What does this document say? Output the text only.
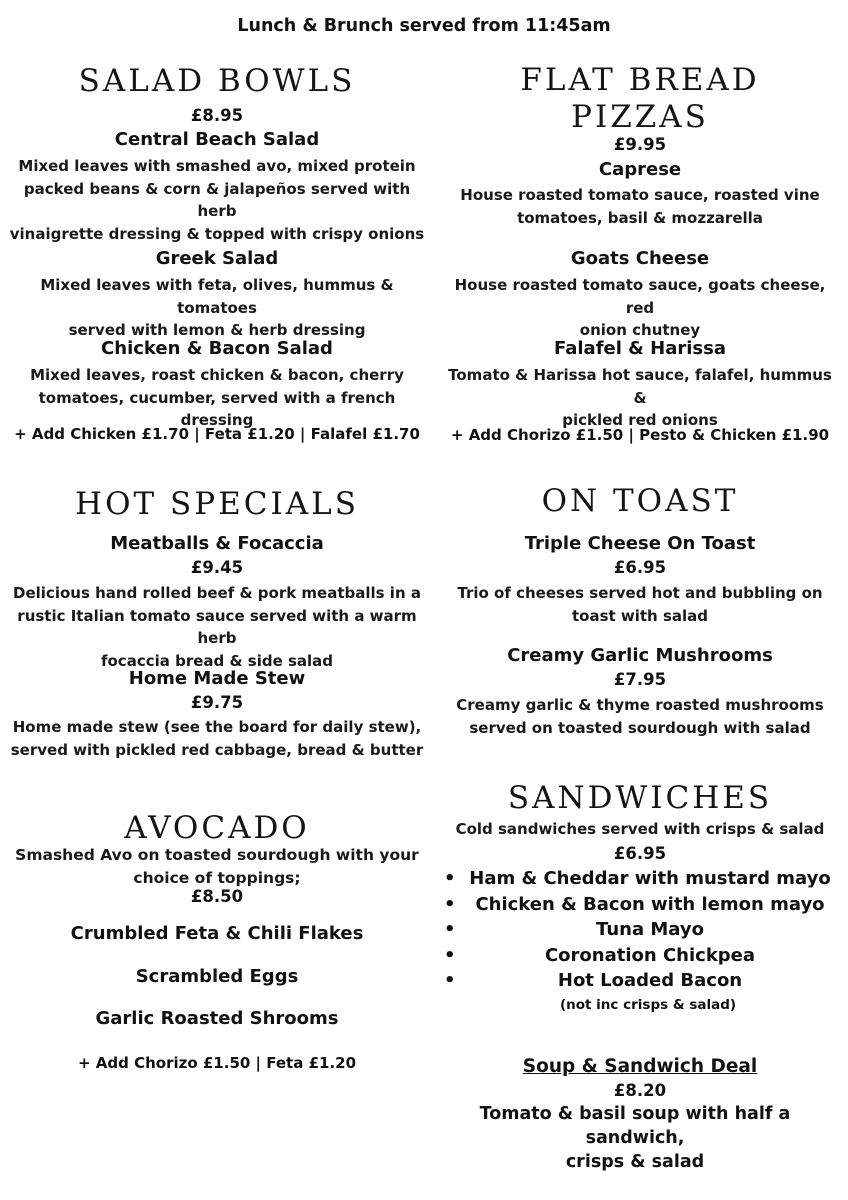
Lunch & Brunch served from 11:45am
SALAD BOWLS
£8.95
Central Beach Salad
Mixed leaves with smashed avo, mixed protein
packed beans & corn & jalapeños served with herb
vinaigrette dressing & topped with crispy onions
Greek Salad
Mixed leaves with feta, olives, hummus & tomatoes
served with lemon & herb dressing
Chicken & Bacon Salad
Mixed leaves, roast chicken & bacon, cherry
tomatoes, cucumber, served with a french dressing
+ Add Chicken £1.70 | Feta £1.20 | Falafel £1.70
FLAT BREAD
PIZZAS
£9.95
Caprese
House roasted tomato sauce, roasted vine
tomatoes, basil & mozzarella
Goats Cheese
House roasted tomato sauce, goats cheese, red
onion chutney
Falafel & Harissa
Tomato & Harissa hot sauce, falafel, hummus &
pickled red onions
+ Add Chorizo £1.50 | Pesto & Chicken £1.90
HOT SPECIALS
Meatballs & Focaccia
£9.45
Delicious hand rolled beef & pork meatballs in a
rustic Italian tomato sauce served with a warm herb
focaccia bread & side salad
Home Made Stew
£9.75
Home made stew (see the board for daily stew),
served with pickled red cabbage, bread & butter
ON TOAST
Triple Cheese On Toast
£6.95
Trio of cheeses served hot and bubbling on
toast with salad
Creamy Garlic Mushrooms
£7.95
Creamy garlic & thyme roasted mushrooms
served on toasted sourdough with salad
AVOCADO
Smashed Avo on toasted sourdough with your
choice of toppings;
£8.50
Crumbled Feta & Chili Flakes
Scrambled Eggs
Garlic Roasted Shrooms
+ Add Chorizo £1.50 | Feta £1.20
SANDWICHES
Cold sandwiches served with crisps & salad
£6.95
• Ham & Cheddar with mustard mayo
• Chicken & Bacon with lemon mayo
•	Tuna Mayo
•	Coronation Chickpea
•	Hot Loaded Bacon
(not inc crisps & salad)
Soup & Sandwich Deal
£8.20
Tomato & basil soup with half a sandwich,
crisps & salad
